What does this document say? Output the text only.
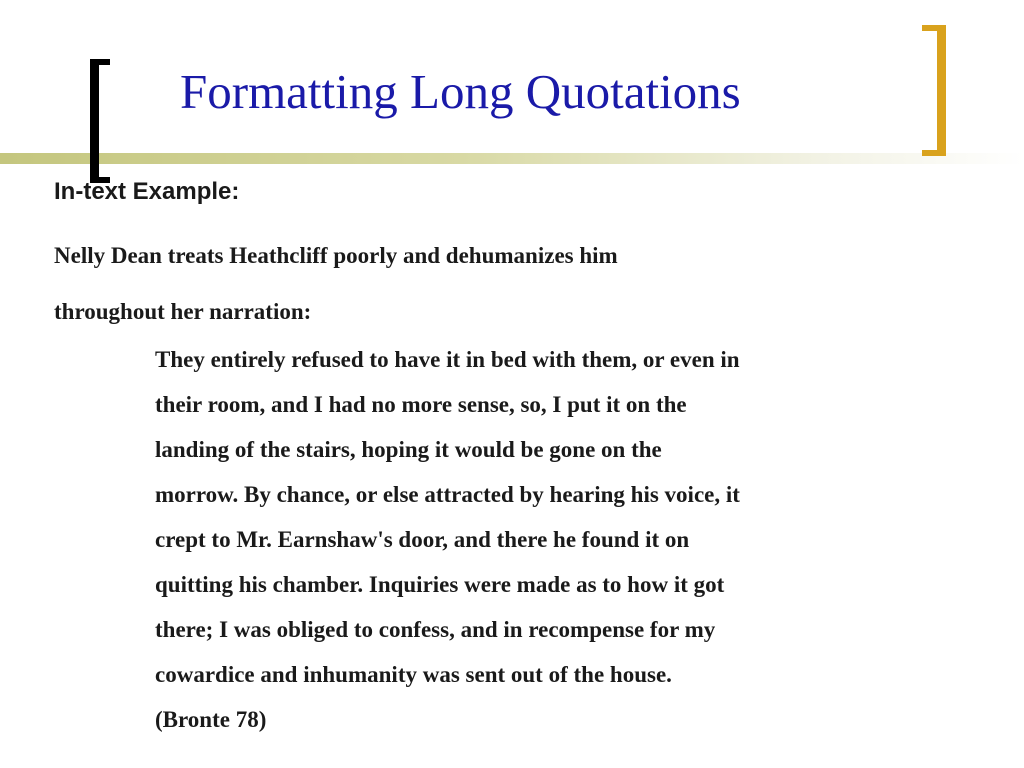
Formatting Long Quotations
In-text Example:
Nelly Dean treats Heathcliff poorly and dehumanizes him
throughout her narration:
They entirely refused to have it in bed with them, or even in
their room, and I had no more sense, so, I put it on the
landing of the stairs, hoping it would be gone on the
morrow. By chance, or else attracted by hearing his voice, it
crept to Mr. Earnshaw's door, and there he found it on
quitting his chamber. Inquiries were made as to how it got
there; I was obliged to confess, and in recompense for my
cowardice and inhumanity was sent out of the house.
(Bronte 78)
